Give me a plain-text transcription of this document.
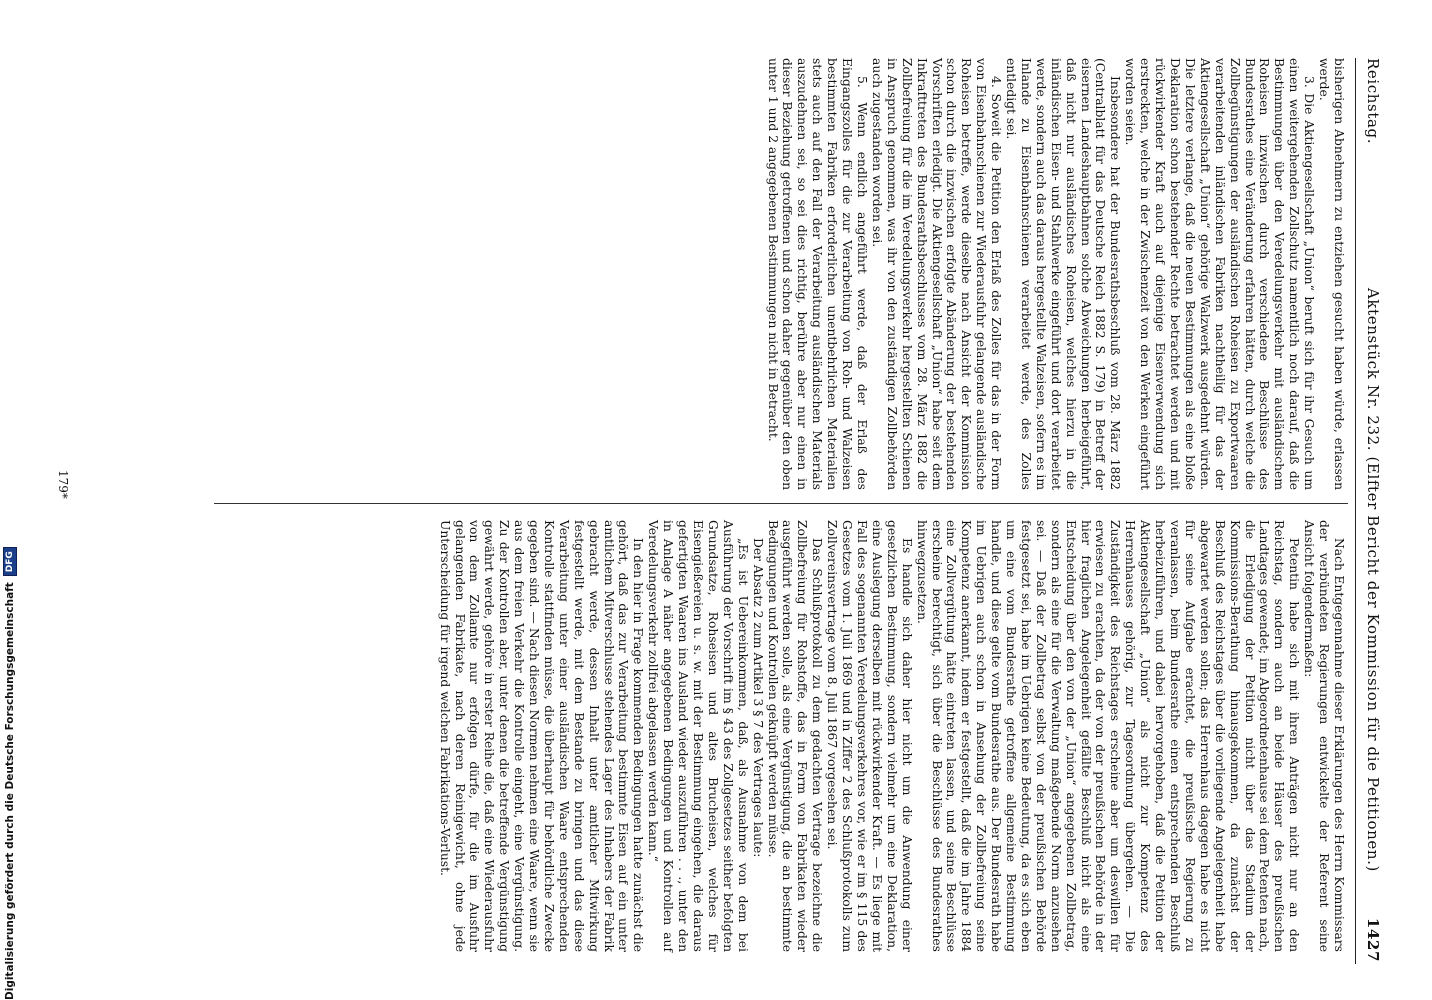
Reichstag.
Aktenstück Nr. 232. (Elfter Bericht der Kommission für die Petitionen.)
1427

bisherigen Abnehmern zu entziehen gesucht haben würde, erlassen werde.

3. Die Aktiengesellschaft „Union“ beruft sich für ihr Gesuch um einen weitergehenden Zollschutz namentlich noch darauf, daß die Bestimmungen über den Veredelungsverkehr mit ausländischem Roheisen inzwischen durch verschiedene Beschlüsse des Bundesrathes eine Veränderung erfahren hätten, durch welche die Zollbegünstigungen der ausländischen Roheisen zu Exportwaaren verarbeitenden inländischen Fabriken nachtheilig für das der Aktiengesellschaft „Union“ gehörige Walzwerk ausgedehnt würden. Die letztere verlange, daß die neuen Bestimmungen als eine bloße Deklaration schon bestehender Rechte betrachtet werden und mit rückwirkender Kraft auch auf diejenige Eisenverwendung sich erstreckten, welche in der Zwischenzeit von den Werken eingeführt worden seien.

Insbesondere hat der Bundesrathsbeschluß vom 28. März 1882 (Centralblatt für das Deutsche Reich 1882 S. 179) in Betreff der eisernen Landeshauptbahnen solche Abweichungen herbeigeführt, daß nicht nur ausländisches Roheisen, welches hierzu in die inländischen Eisen- und Stahlwerke eingeführt und dort verarbeitet werde, sondern auch das daraus hergestellte Walzeisen, sofern es im Inlande zu Eisenbahnschienen verarbeitet werde, des Zolles entledigt sei.

4. Soweit die Petition den Erlaß des Zolles für das in der Form von Eisenbahnschienen zur Wiederausfuhr gelangende ausländische Roheisen betreffe, werde dieselbe nach Ansicht der Kommission schon durch die inzwischen erfolgte Abänderung der bestehenden Vorschriften erledigt. Die Aktiengesellschaft „Union“ habe seit dem Inkrafttreten des Bundesrathsbeschlusses vom 28. März 1882 die Zollbefreiung für die im Veredelungsverkehr hergestellten Schienen in Anspruch genommen, was ihr von den zuständigen Zollbehörden auch zugestanden worden sei.

5. Wenn endlich angeführt werde, daß der Erlaß des Eingangszolles für die zur Verarbeitung von Roh- und Walzeisen bestimmten Fabriken erforderlichen unentbehrlichen Materialien stets auch auf den Fall der Verarbeitung ausländischen Materials auszudehnen sei, so sei dies richtig, berühre aber nur einen in dieser Beziehung getroffenen und schon daher gegenüber den oben unter 1 und 2 angegebenen Bestimmungen nicht in Betracht.

Nach Entgegennahme dieser Erklärungen des Herrn Kommissars der verbündeten Regierungen entwickelte der Referent seine Ansicht folgendermaßen:

Petentin habe sich mit ihren Anträgen nicht nur an den Reichstag, sondern auch an beide Häuser des preußischen Landtages gewendet; im Abgeordnetenhause sei dem Petenten nach, die Erledigung der Petition nicht über das Stadium der Kommissions-Berathung hinausgekommen, da zunächst der Beschluß des Reichstages über die vorliegende Angelegenheit habe abgewartet werden sollen; das Herrenhaus dagegen habe es nicht für seine Aufgabe erachtet, die preußische Regierung zu veranlassen, beim Bundesrathe einen entsprechenden Beschluß herbeizuführen, und dabei hervorgehoben, daß die Petition der Aktiengesellschaft „Union“ als nicht zur Kompetenz des Herrenhauses gehörig, zur Tagesordnung übergehen. — Die Zuständigkeit des Reichstages erscheine aber um deswillen für erwiesen zu erachten, da der von der preußischen Behörde in der hier fraglichen Angelegenheit gefällte Beschluß nicht als eine Entscheidung über den von der „Union“ angegebenen Zollbetrag, sondern als eine für die Verwaltung maßgebende Norm anzusehen sei. — Daß der Zollbetrag selbst von der preußischen Behörde festgesetzt sei, habe im Uebrigen keine Bedeutung, da es sich eben um eine vom Bundesrathe getroffene allgemeine Bestimmung handle, und diese gelte vom Bundesrathe aus. Der Bundesrath habe im Uebrigen auch schon in Ansehung der Zollbefreiung seine Kompetenz anerkannt, indem er festgestellt, daß die im Jahre 1884 eine Zollvergütung hätte eintreten lassen, und seine Beschlüsse erscheine berechtigt, sich über die Beschlüsse des Bundesrathes hinwegzusetzen.

Es handle sich daher hier nicht um die Anwendung einer gesetzlichen Bestimmung, sondern vielmehr um eine Deklaration, eine Auslegung derselben mit rückwirkender Kraft. — Es liege mit Fall des sogenannten Veredelungsverkehres vor, wie er im § 115 des Gesetzes vom 1. Juli 1869 und in Ziffer 2 des Schlußprotokolls zum Zollvereinsvertrage vom 8. Juli 1867 vorgesehen sei.

Das Schlußprotokoll zu dem gedachten Vertrage bezeichne die Zollbefreiung für Rohstoffe, das in Form von Fabrikaten wieder ausgeführt werden solle, als eine Vergünstigung, die an bestimmte Bedingungen und Kontrollen geknüpft werden müsse.

Der Absatz 2 zum Artikel 3 § 7 des Vertrages laute:

„Es ist Uebereinkommen, daß, als Ausnahme von dem bei Ausführung der Vorschrift im § 43 des Zollgesetzes seither befolgten Grundsatze, Rohseisen und altes Brucheisen, welches für Eisengießereien u. s. w. mit der Bestimmung eingehen, die daraus gefertigten Waaren ins Ausland wieder auszuführen . . ., unter den in Anlage A näher angegebenen Bedingungen und Kontrollen auf Veredelungsverkehr zollfrei abgelassen werden kann.“

In den hier in Frage kommenden Bedingungen hatte zunächst die gehört, daß das zur Verarbeitung bestimmte Eisen auf ein unter amtlichem Mitverschlusse stehendes Lager des Inhabers der Fabrik gebracht werde, dessen Inhalt unter amtlicher Mitwirkung festgestellt werde, mit dem Bestande zu bringen und das diese Verarbeitung unter einer ausländischen Waare entsprechenden Kontrolle stattfinden müsse, die überhaupt für behördliche Zwecke gegeben sind. — Nach diesen Normen nehmen eine Waare, wenn sie aus dem freien Verkehr die Kontrolle eingeht, eine Vergünstigung. Zu der Kontrollen aber, unter denen die betreffende Vergünstigung gewährt werde, gehöre in erster Reihe die, daß eine Wiederausfuhr von dem Zollamte nur erfolgen dürfe, für die im Ausfuhr gelangenden Fabrikate, nach deren Reinigewicht, ohne jede Unterscheidung für irgend welchen Fabrikations-Verlust.

179*
Digitalisierung gefördert durch die Deutsche Forschungsgemeinschaft
DFG
